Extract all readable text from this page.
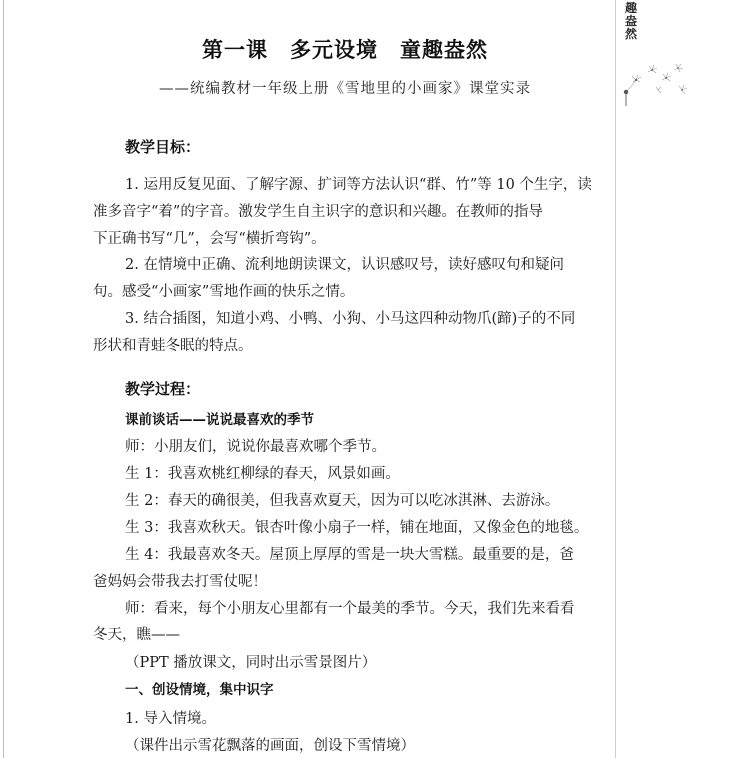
趣
盎
然
第一课　多元设境　童趣盎然
——统编教材一年级上册《雪地里的小画家》课堂实录
教学目标：
1. 运用反复见面、了解字源、扩词等方法认识“群、竹”等 10 个生字，读
准多音字“着”的字音。激发学生自主识字的意识和兴趣。在教师的指导
下正确书写“几”，会写“横折弯钩”。
2. 在情境中正确、流利地朗读课文，认识感叹号，读好感叹句和疑问
句。感受“小画家”雪地作画的快乐之情。
3. 结合插图，知道小鸡、小鸭、小狗、小马这四种动物爪(蹄)子的不同
形状和青蛙冬眠的特点。
教学过程：
课前谈话——说说最喜欢的季节
师：小朋友们，说说你最喜欢哪个季节。
生 1：我喜欢桃红柳绿的春天，风景如画。
生 2：春天的确很美，但我喜欢夏天，因为可以吃冰淇淋、去游泳。
生 3：我喜欢秋天。银杏叶像小扇子一样，铺在地面，又像金色的地毯。
生 4：我最喜欢冬天。屋顶上厚厚的雪是一块大雪糕。最重要的是，爸
爸妈妈会带我去打雪仗呢！
师：看来，每个小朋友心里都有一个最美的季节。今天，我们先来看看
冬天，瞧——
（PPT 播放课文，同时出示雪景图片）
一、创设情境，集中识字
1. 导入情境。
（课件出示雪花飘落的画面，创设下雪情境）
